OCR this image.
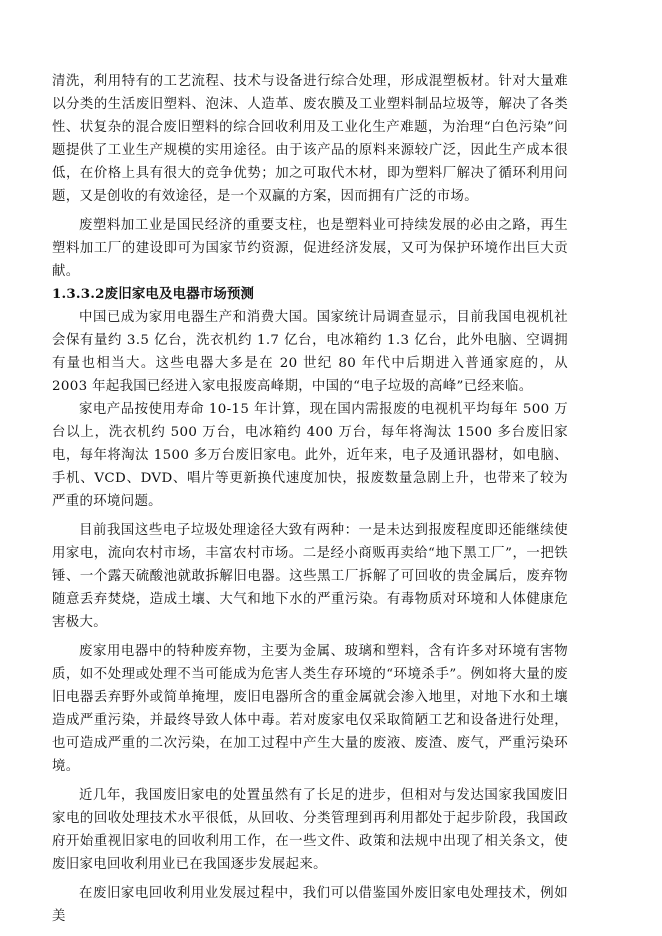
清洗，利用特有的工艺流程、技术与设备进行综合处理，形成混塑板材。针对大量难以分类的生活废旧塑料、泡沫、人造革、废农膜及工业塑料制品垃圾等，解决了各类性、状复杂的混合废旧塑料的综合回收利用及工业化生产难题，为治理“白色污染”问题提供了工业生产规模的实用途径。由于该产品的原料来源较广泛，因此生产成本很低，在价格上具有很大的竞争优势；加之可取代木材，即为塑料厂解决了循环利用问题，又是创收的有效途径，是一个双赢的方案，因而拥有广泛的市场。

废塑料加工业是国民经济的重要支柱，也是塑料业可持续发展的必由之路，再生塑料加工厂的建设即可为国家节约资源，促进经济发展，又可为保护环境作出巨大贡献。

1.3.3.2废旧家电及电器市场预测

中国已成为家用电器生产和消费大国。国家统计局调查显示，目前我国电视机社会保有量约 3.5 亿台，洗衣机约 1.7 亿台，电冰箱约 1.3 亿台，此外电脑、空调拥有量也相当大。这些电器大多是在 20 世纪 80 年代中后期进入普通家庭的，从 2003 年起我国已经进入家电报废高峰期，中国的“电子垃圾的高峰”已经来临。

家电产品按使用寿命 10-15 年计算，现在国内需报废的电视机平均每年 500 万台以上，洗衣机约 500 万台，电冰箱约 400 万台，每年将淘汰 1500 多台废旧家电，每年将淘汰 1500 多万台废旧家电。此外，近年来，电子及通讯器材，如电脑、手机、VCD、DVD、唱片等更新换代速度加快，报废数量急剧上升，也带来了较为严重的环境问题。

目前我国这些电子垃圾处理途径大致有两种：一是未达到报废程度即还能继续使用家电，流向农村市场，丰富农村市场。二是经小商贩再卖给“地下黑工厂”，一把铁锤、一个露天硫酸池就敢拆解旧电器。这些黑工厂拆解了可回收的贵金属后，废弃物随意丢弃焚烧，造成土壤、大气和地下水的严重污染。有毒物质对环境和人体健康危害极大。

废家用电器中的特种废弃物，主要为金属、玻璃和塑料，含有许多对环境有害物质，如不处理或处理不当可能成为危害人类生存环境的“环境杀手”。例如将大量的废旧电器丢弃野外或简单掩埋，废旧电器所含的重金属就会渗入地里，对地下水和土壤造成严重污染，并最终导致人体中毒。若对废家电仅采取简陋工艺和设备进行处理，也可造成严重的二次污染，在加工过程中产生大量的废液、废渣、废气，严重污染环境。

近几年，我国废旧家电的处置虽然有了长足的进步，但相对与发达国家我国废旧家电的回收处理技术水平很低，从回收、分类管理到再利用都处于起步阶段，我国政府开始重视旧家电的回收利用工作，在一些文件、政策和法规中出现了相关条文，使废旧家电回收利用业已在我国逐步发展起来。

在废旧家电回收利用业发展过程中，我们可以借鉴国外废旧家电处理技术，例如美
